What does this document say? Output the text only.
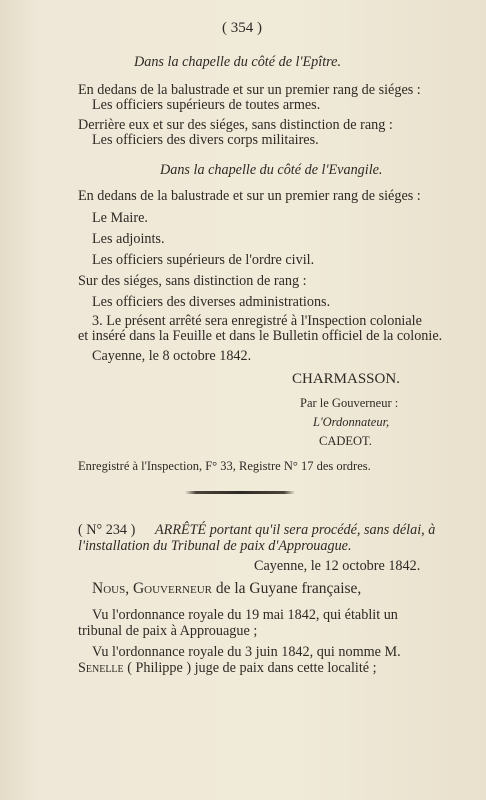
( 354 )
Dans la chapelle du côté de l'Epître.
En dedans de la balustrade et sur un premier rang de siéges :
Les officiers supérieurs de toutes armes.
Derrière eux et sur des siéges, sans distinction de rang :
Les officiers des divers corps militaires.
Dans la chapelle du côté de l'Evangile.
En dedans de la balustrade et sur un premier rang de siéges :
Le Maire.
Les adjoints.
Les officiers supérieurs de l'ordre civil.
Sur des siéges, sans distinction de rang :
Les officiers des diverses administrations.
3. Le présent arrêté sera enregistré à l'Inspection coloniale
et inséré dans la Feuille et dans le Bulletin officiel de la colonie.
Cayenne, le 8 octobre 1842.
CHARMASSON.
Par le Gouverneur :
L'Ordonnateur,
CADEOT.
Enregistré à l'Inspection, F° 33, Registre N° 17 des ordres.
( N° 234 ) ARRÊTÉ portant qu'il sera procédé, sans délai, à
l'installation du Tribunal de paix d'Approuague.
Cayenne, le 12 octobre 1842.
Nous, Gouverneur de la Guyane française,
Vu l'ordonnance royale du 19 mai 1842, qui établit un
tribunal de paix à Approuague ;
Vu l'ordonnance royale du 3 juin 1842, qui nomme M.
Senelle ( Philippe ) juge de paix dans cette localité ;
